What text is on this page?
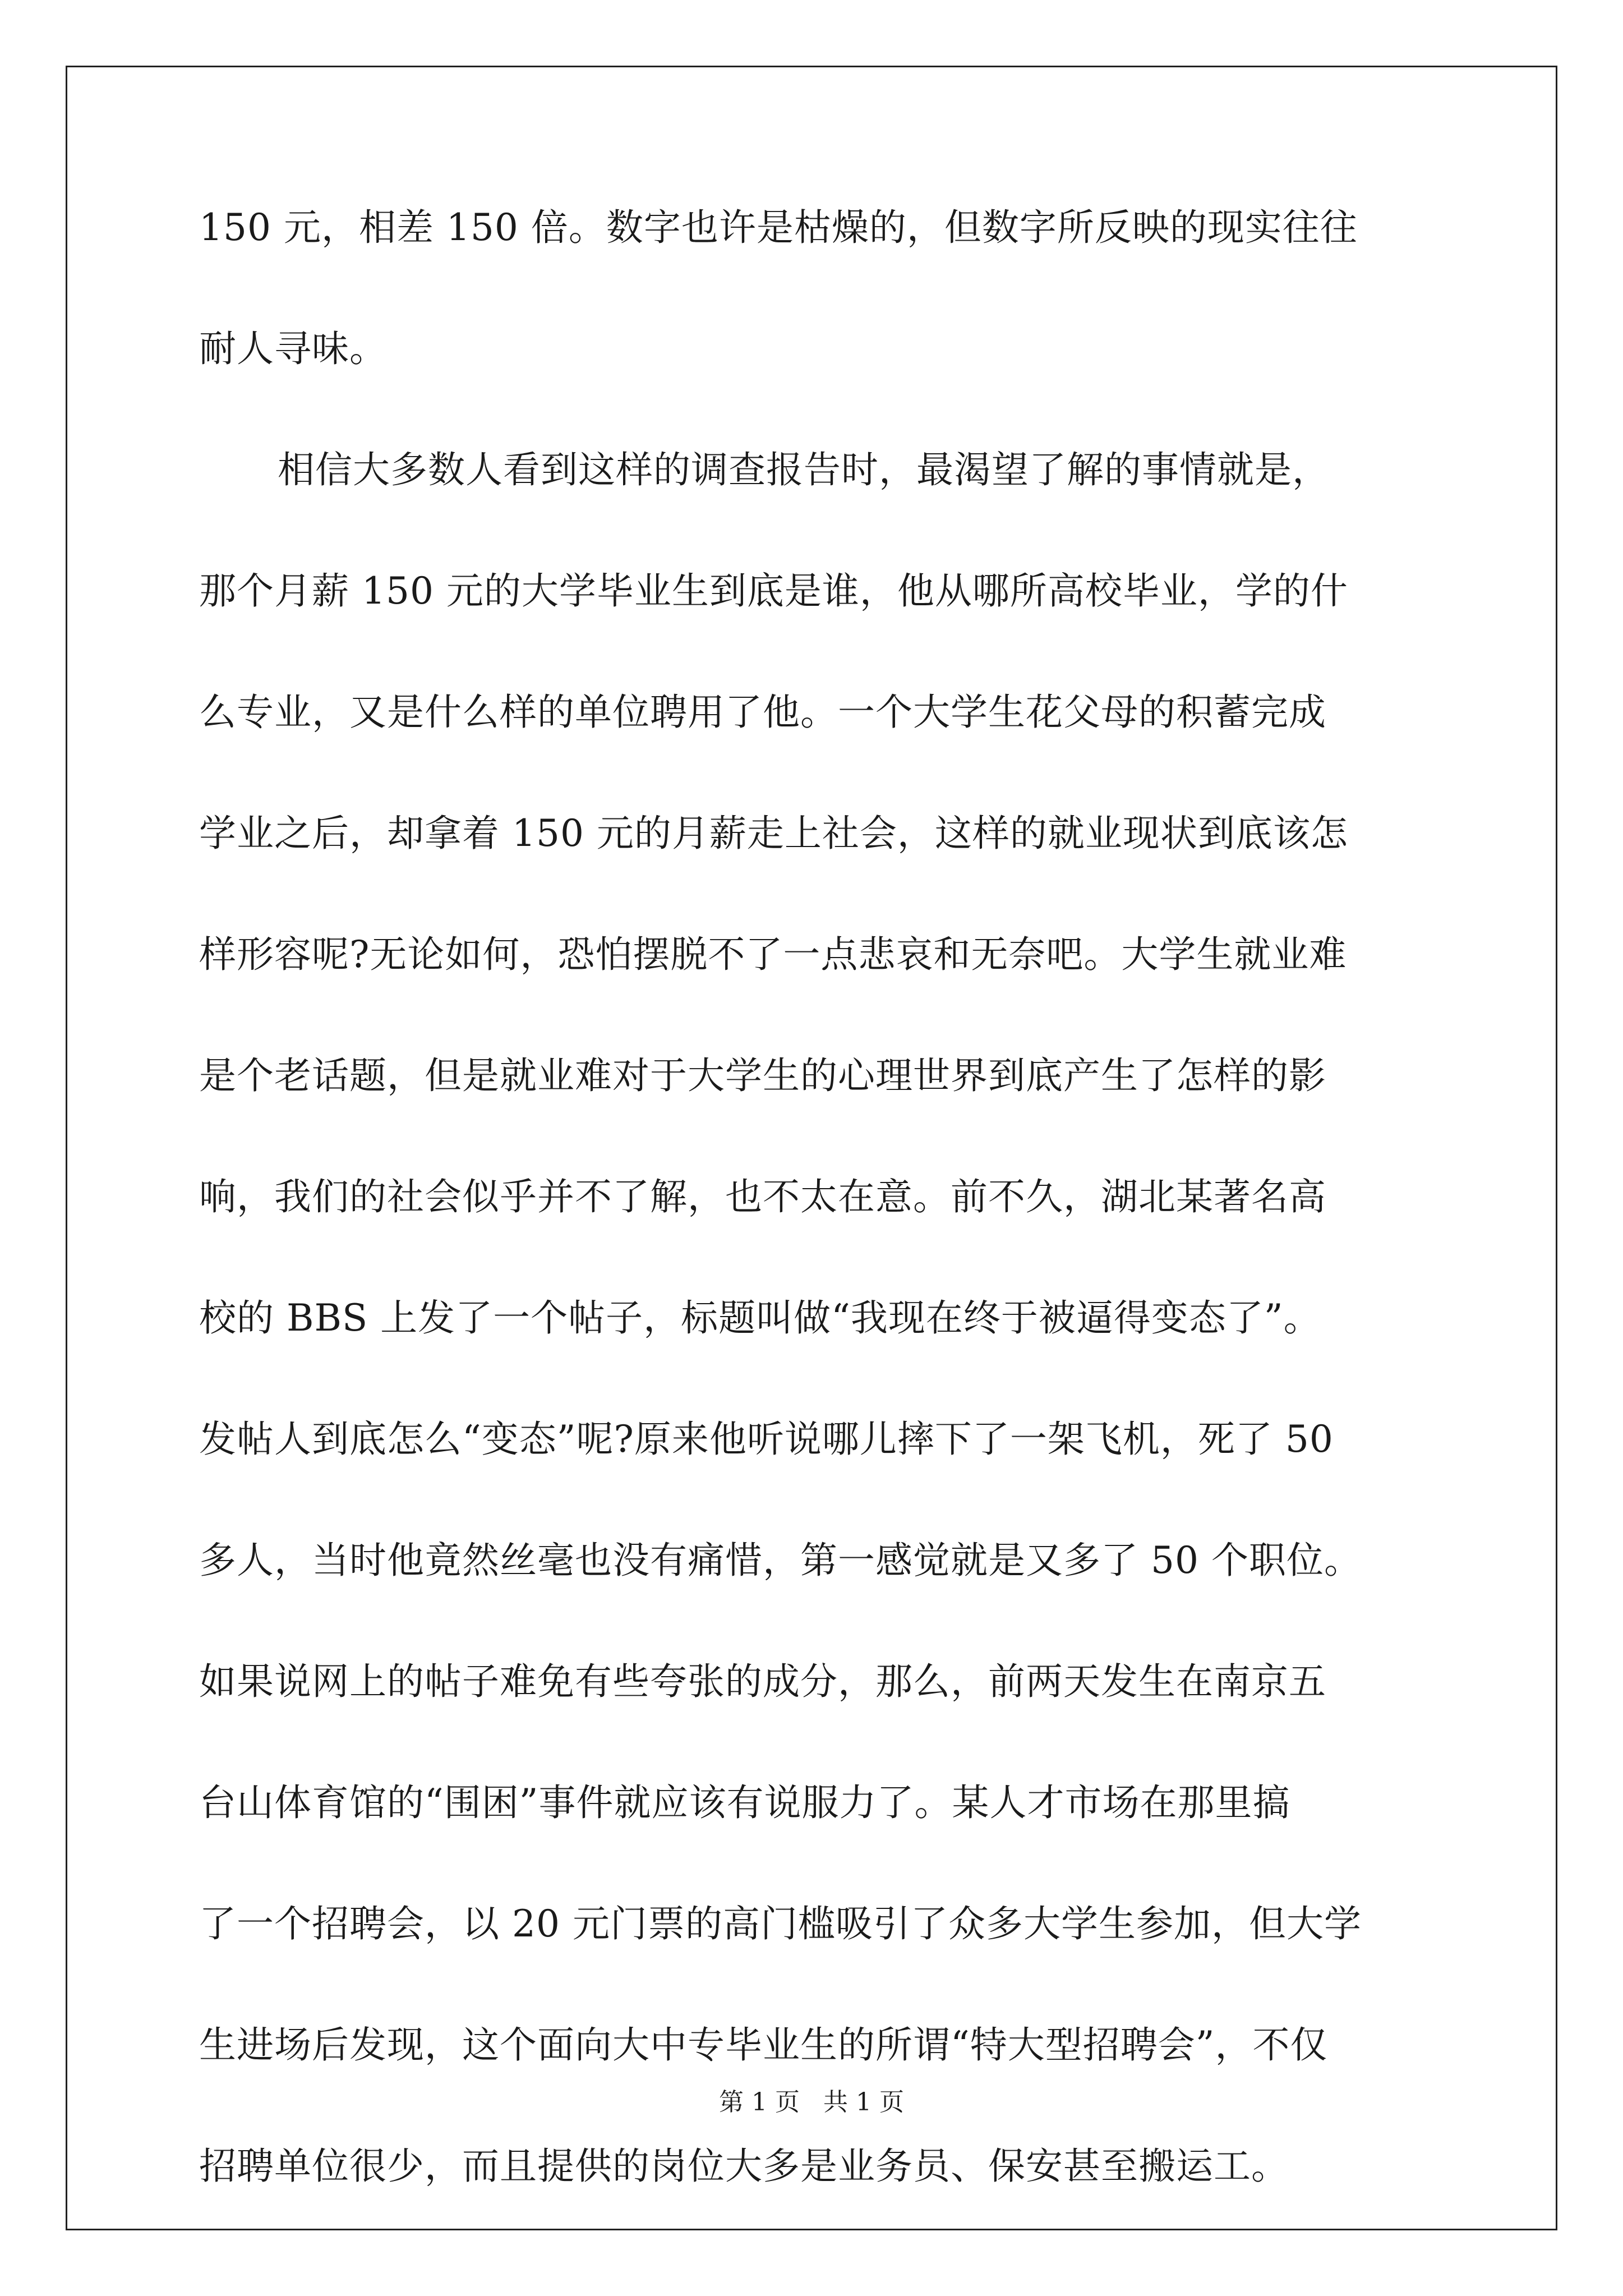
150 元，相差 150 倍。数字也许是枯燥的，但数字所反映的现实往往
耐人寻味。
相信大多数人看到这样的调查报告时，最渴望了解的事情就是，
那个月薪 150 元的大学毕业生到底是谁，他从哪所高校毕业，学的什
么专业，又是什么样的单位聘用了他。一个大学生花父母的积蓄完成
学业之后，却拿着 150 元的月薪走上社会，这样的就业现状到底该怎
样形容呢?无论如何，恐怕摆脱不了一点悲哀和无奈吧。大学生就业难
是个老话题，但是就业难对于大学生的心理世界到底产生了怎样的影
响，我们的社会似乎并不了解，也不太在意。前不久，湖北某著名高
校的 BBS 上发了一个帖子，标题叫做“我现在终于被逼得变态了”。
发帖人到底怎么“变态”呢?原来他听说哪儿摔下了一架飞机，死了 50
多人，当时他竟然丝毫也没有痛惜，第一感觉就是又多了 50 个职位。
如果说网上的帖子难免有些夸张的成分，那么，前两天发生在南京五
台山体育馆的“围困”事件就应该有说服力了。某人才市场在那里搞
了一个招聘会，以 20 元门票的高门槛吸引了众多大学生参加，但大学
生进场后发现，这个面向大中专毕业生的所谓“特大型招聘会”，不仅
招聘单位很少，而且提供的岗位大多是业务员、保安甚至搬运工。
第 1 页   共 1 页
